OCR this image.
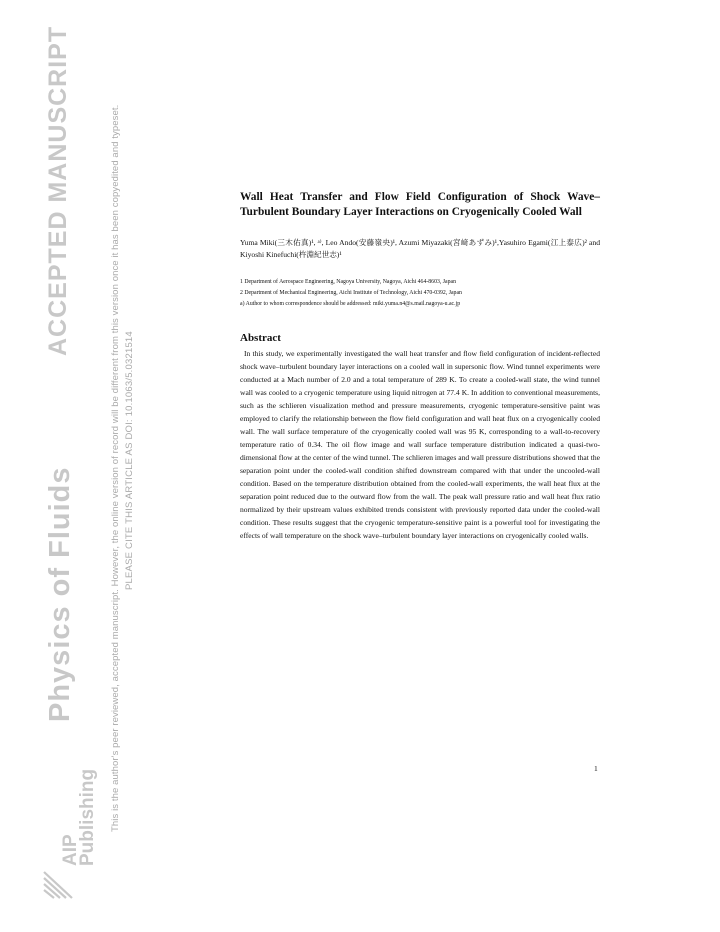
ACCEPTED MANUSCRIPT
Physics of Fluids	This is the author's peer reviewed, accepted manuscript. However, the online version of record will be different from this version once it has been copyedited and typeset. PLEASE CITE THIS ARTICLE AS DOI: 10.1063/5.0321514
AIP
Publishing
Wall Heat Transfer and Flow Field Configuration of Shock Wave–Turbulent Boundary Layer Interactions on Cryogenically Cooled Wall
Yuma Miki(三木佑真)¹, ᵃ⁾, Leo Ando(安藤嶺央)¹, Azumi Miyazaki(宮﨑あずみ)¹,Yasuhiro Egami(江上泰広)² and Kiyoshi Kinefuchi(杵淵紀世志)¹
1 Department of Aerospace Engineering, Nagoya University, Nagoya, Aichi 464-8603, Japan
2 Department of Mechanical Engineering, Aichi Institute of Technology, Aichi 470-0392, Japan
a) Author to whom correspondence should be addressed: miki.yuma.n4@s.mail.nagoya-u.ac.jp
Abstract
In this study, we experimentally investigated the wall heat transfer and flow field configuration of incident-reflected shock wave–turbulent boundary layer interactions on a cooled wall in supersonic flow. Wind tunnel experiments were conducted at a Mach number of 2.0 and a total temperature of 289 K. To create a cooled-wall state, the wind tunnel wall was cooled to a cryogenic temperature using liquid nitrogen at 77.4 K. In addition to conventional measurements, such as the schlieren visualization method and pressure measurements, cryogenic temperature-sensitive paint was employed to clarify the relationship between the flow field configuration and wall heat flux on a cryogenically cooled wall. The wall surface temperature of the cryogenically cooled wall was 95 K, corresponding to a wall-to-recovery temperature ratio of 0.34. The oil flow image and wall surface temperature distribution indicated a quasi-two-dimensional flow at the center of the wind tunnel. The schlieren images and wall pressure distributions showed that the separation point under the cooled-wall condition shifted downstream compared with that under the uncooled-wall condition. Based on the temperature distribution obtained from the cooled-wall experiments, the wall heat flux at the separation point reduced due to the outward flow from the wall. The peak wall pressure ratio and wall heat flux ratio normalized by their upstream values exhibited trends consistent with previously reported data under the cooled-wall condition. These results suggest that the cryogenic temperature-sensitive paint is a powerful tool for investigating the effects of wall temperature on the shock wave–turbulent boundary layer interactions on cryogenically cooled walls.
1
